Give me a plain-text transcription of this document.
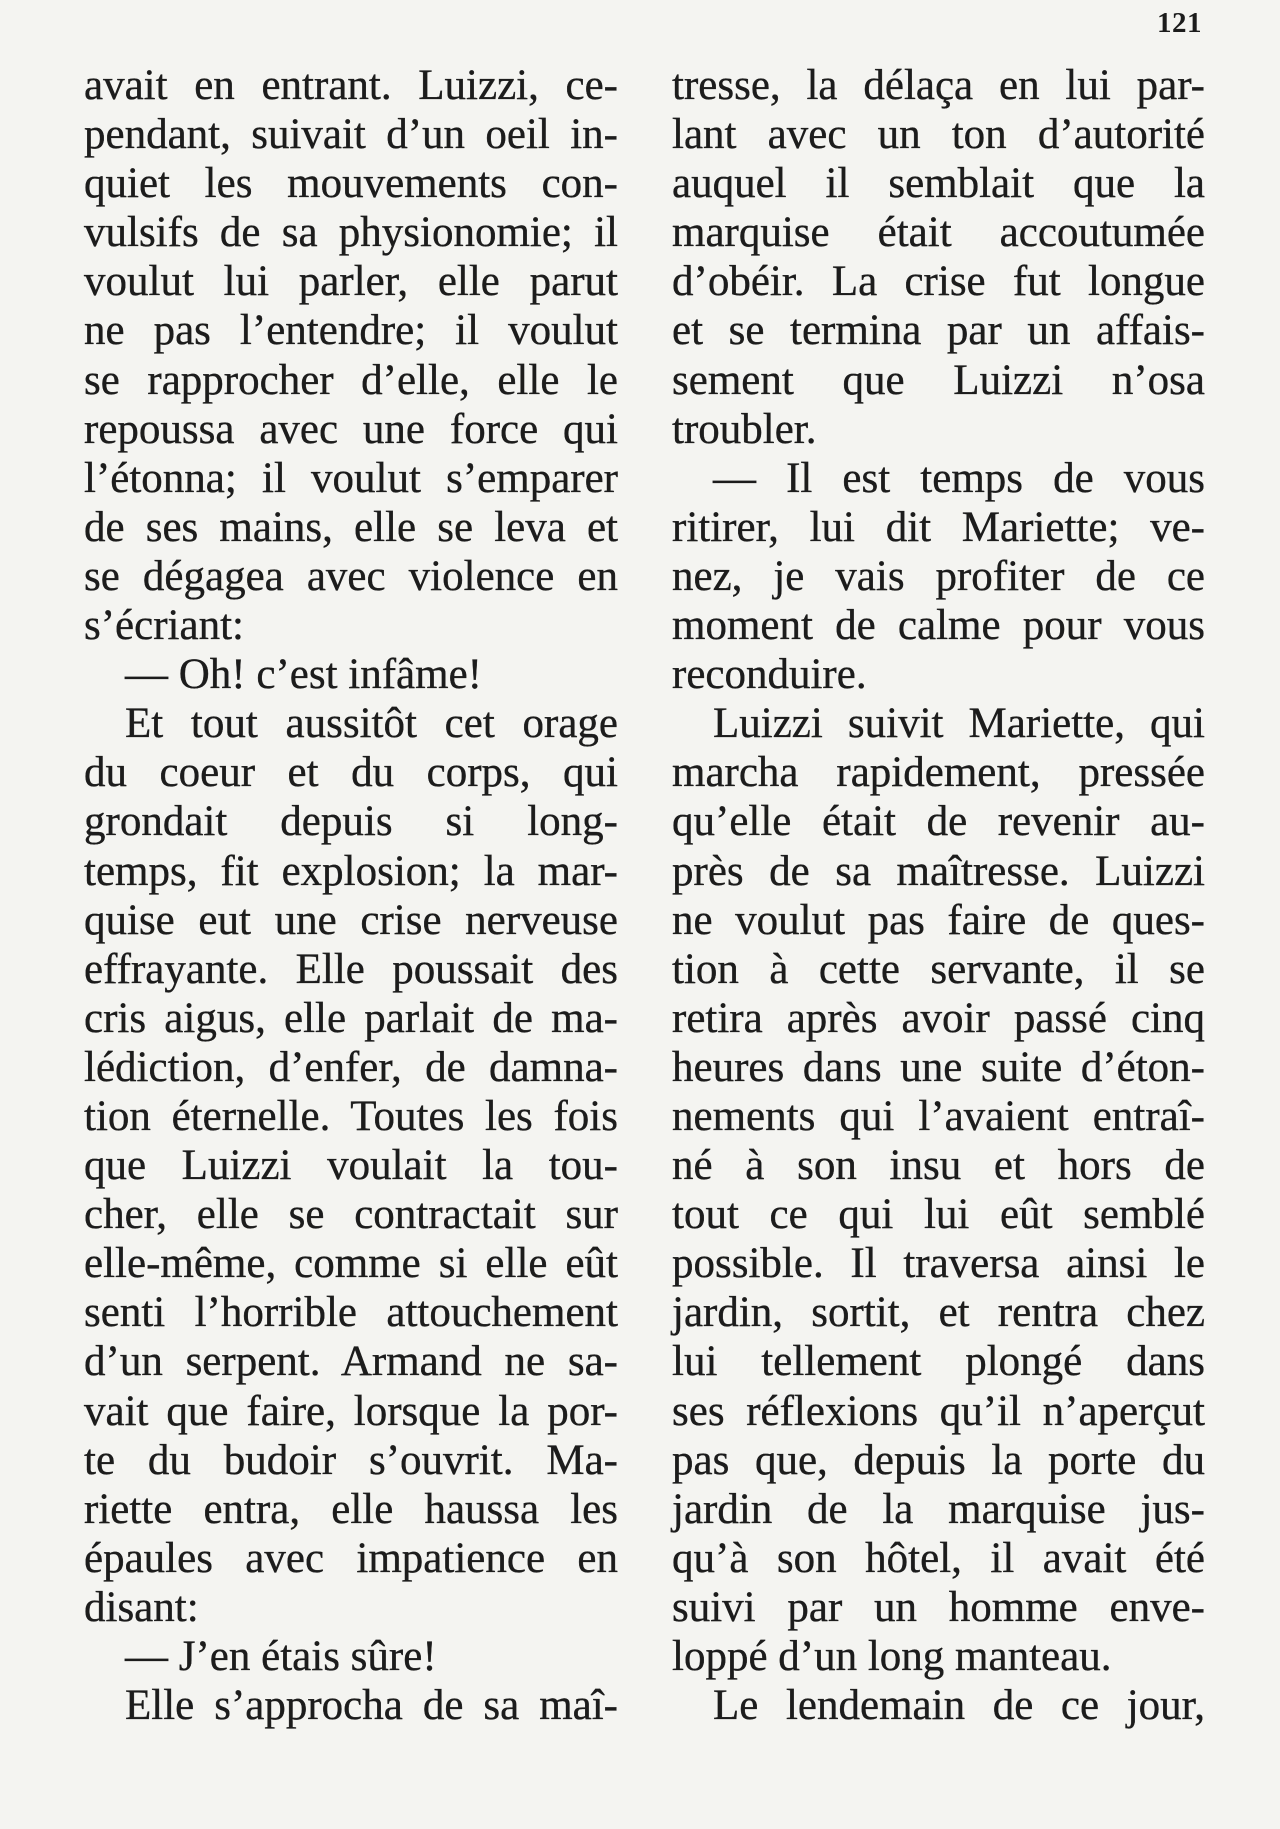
121
avait en entrant. Luizzi, ce-
pendant, suivait d’un oeil in-
quiet les mouvements con-
vulsifs de sa physionomie; il
voulut lui parler, elle parut
ne pas l’entendre; il voulut
se rapprocher d’elle, elle le
repoussa avec une force qui
l’étonna; il voulut s’emparer
de ses mains, elle se leva et
se dégagea avec violence en
s’écriant:
— Oh! c’est infâme!
Et tout aussitôt cet orage
du coeur et du corps, qui
grondait depuis si long-
temps, fit explosion; la mar-
quise eut une crise nerveuse
effrayante. Elle poussait des
cris aigus, elle parlait de ma-
lédiction, d’enfer, de damna-
tion éternelle. Toutes les fois
que Luizzi voulait la tou-
cher, elle se contractait sur
elle-même, comme si elle eût
senti l’horrible attouchement
d’un serpent. Armand ne sa-
vait que faire, lorsque la por-
te du budoir s’ouvrit. Ma-
riette entra, elle haussa les
épaules avec impatience en
disant:
— J’en étais sûre!
Elle s’approcha de sa maî-
tresse, la délaça en lui par-
lant avec un ton d’autorité
auquel il semblait que la
marquise était accoutumée
d’obéir. La crise fut longue
et se termina par un affais-
sement que Luizzi n’osa
troubler.
— Il est temps de vous
ritirer, lui dit Mariette; ve-
nez, je vais profiter de ce
moment de calme pour vous
reconduire.
Luizzi suivit Mariette, qui
marcha rapidement, pressée
qu’elle était de revenir au-
près de sa maîtresse. Luizzi
ne voulut pas faire de ques-
tion à cette servante, il se
retira après avoir passé cinq
heures dans une suite d’éton-
nements qui l’avaient entraî-
né à son insu et hors de
tout ce qui lui eût semblé
possible. Il traversa ainsi le
jardin, sortit, et rentra chez
lui tellement plongé dans
ses réflexions qu’il n’aperçut
pas que, depuis la porte du
jardin de la marquise jus-
qu’à son hôtel, il avait été
suivi par un homme enve-
loppé d’un long manteau.
Le lendemain de ce jour,
